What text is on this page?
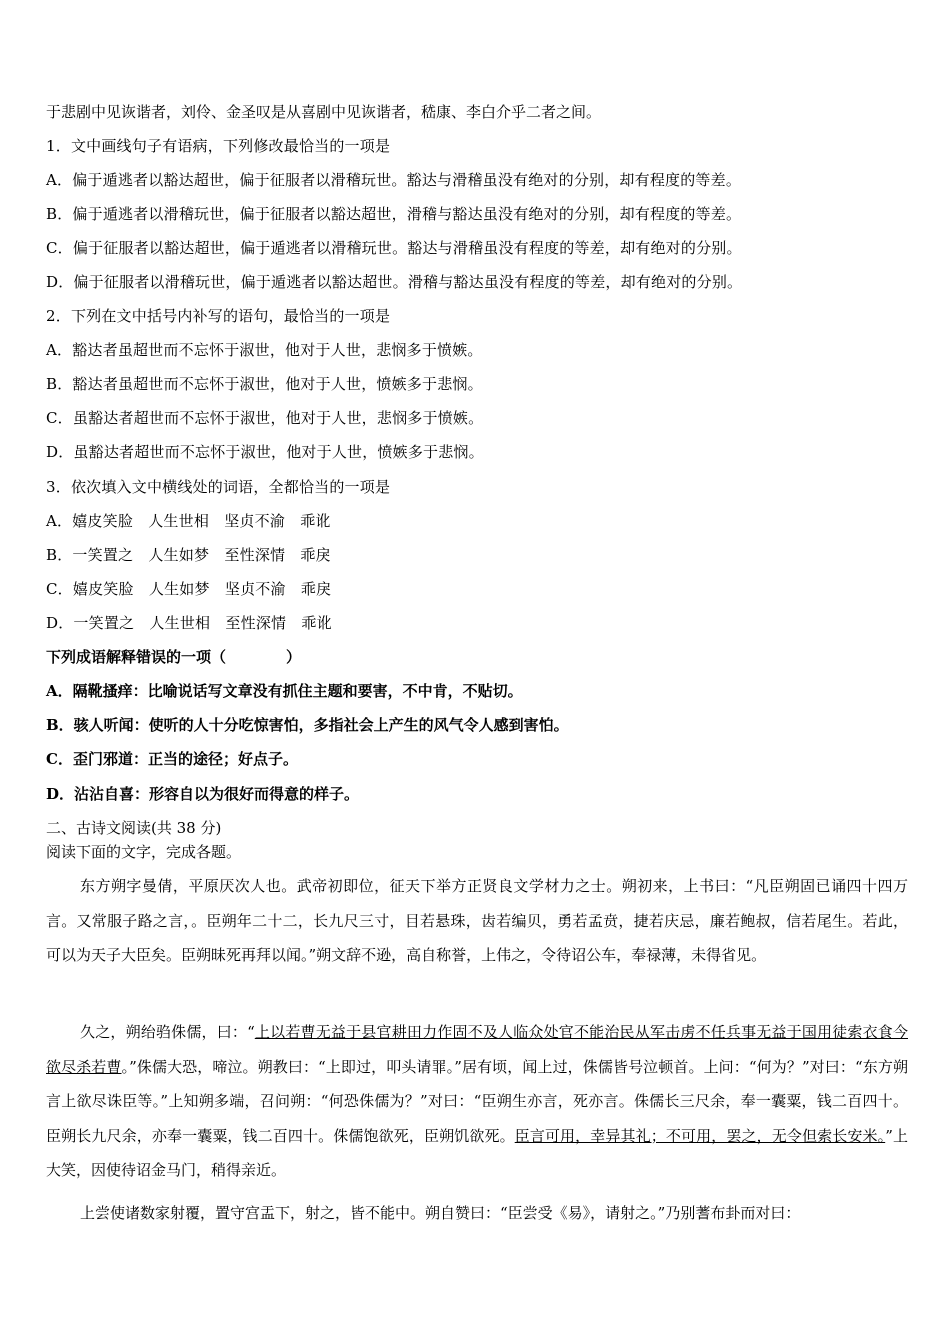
于悲剧中见诙谐者，刘伶、金圣叹是从喜剧中见诙谐者，嵇康、李白介乎二者之间。
1．文中画线句子有语病，下列修改最恰当的一项是
A．偏于遁逃者以豁达超世，偏于征服者以滑稽玩世。豁达与滑稽虽没有绝对的分别，却有程度的等差。
B．偏于遁逃者以滑稽玩世，偏于征服者以豁达超世，滑稽与豁达虽没有绝对的分别，却有程度的等差。
C．偏于征服者以豁达超世，偏于遁逃者以滑稽玩世。豁达与滑稽虽没有程度的等差，却有绝对的分别。
D．偏于征服者以滑稽玩世，偏于遁逃者以豁达超世。滑稽与豁达虽没有程度的等差，却有绝对的分别。
2．下列在文中括号内补写的语句，最恰当的一项是
A．豁达者虽超世而不忘怀于淑世，他对于人世，悲悯多于愤嫉。
B．豁达者虽超世而不忘怀于淑世，他对于人世，愤嫉多于悲悯。
C．虽豁达者超世而不忘怀于淑世，他对于人世，悲悯多于愤嫉。
D．虽豁达者超世而不忘怀于淑世，他对于人世，愤嫉多于悲悯。
3．依次填入文中横线处的词语，全都恰当的一项是
A．嬉皮笑脸　人生世相　坚贞不渝　乖讹
B．一笑置之　人生如梦　至性深情　乖戾
C．嬉皮笑脸　人生如梦　坚贞不渝　乖戾
D．一笑置之　人生世相　至性深情　乖讹
下列成语解释错误的一项（　　　　）
A．隔靴搔痒：比喻说话写文章没有抓住主题和要害，不中肯，不贴切。
B．骇人听闻：使听的人十分吃惊害怕，多指社会上产生的风气令人感到害怕。
C．歪门邪道：正当的途径；好点子。
D．沾沾自喜：形容自以为很好而得意的样子。
二、古诗文阅读(共 38 分)
阅读下面的文字，完成各题。
东方朔字曼倩，平原厌次人也。武帝初即位，征天下举方正贤良文学材力之士。朔初来，上书曰：“凡臣朔固已诵四十四万言。又常服子路之言，。臣朔年二十二，长九尺三寸，目若悬珠，齿若编贝，勇若孟贲，捷若庆忌，廉若鲍叔，信若尾生。若此，可以为天子大臣矣。臣朔昧死再拜以闻。”朔文辞不逊，高自称誉，上伟之，令待诏公车，奉禄薄，未得省见。
久之，朔绐驺侏儒，曰：“上以若曹无益于县官耕田力作固不及人临众处官不能治民从军击虏不任兵事无益于国用徒索衣食今欲尽杀若曹。”侏儒大恐，啼泣。朔教曰：“上即过，叩头请罪。”居有顷，闻上过，侏儒皆号泣顿首。上问：“何为？”对曰：“东方朔言上欲尽诛臣等。”上知朔多端，召问朔：“何恐侏儒为？”对曰：“臣朔生亦言，死亦言。侏儒长三尺余，奉一囊粟，钱二百四十。臣朔长九尺余，亦奉一囊粟，钱二百四十。侏儒饱欲死，臣朔饥欲死。臣言可用，幸异其礼；不可用，罢之，无令但索长安米。”上大笑，因使待诏金马门，稍得亲近。
上尝使诸数家射覆，置守宫盂下，射之，皆不能中。朔自赞曰：“臣尝受《易》，请射之。”乃别蓍布卦而对曰：
